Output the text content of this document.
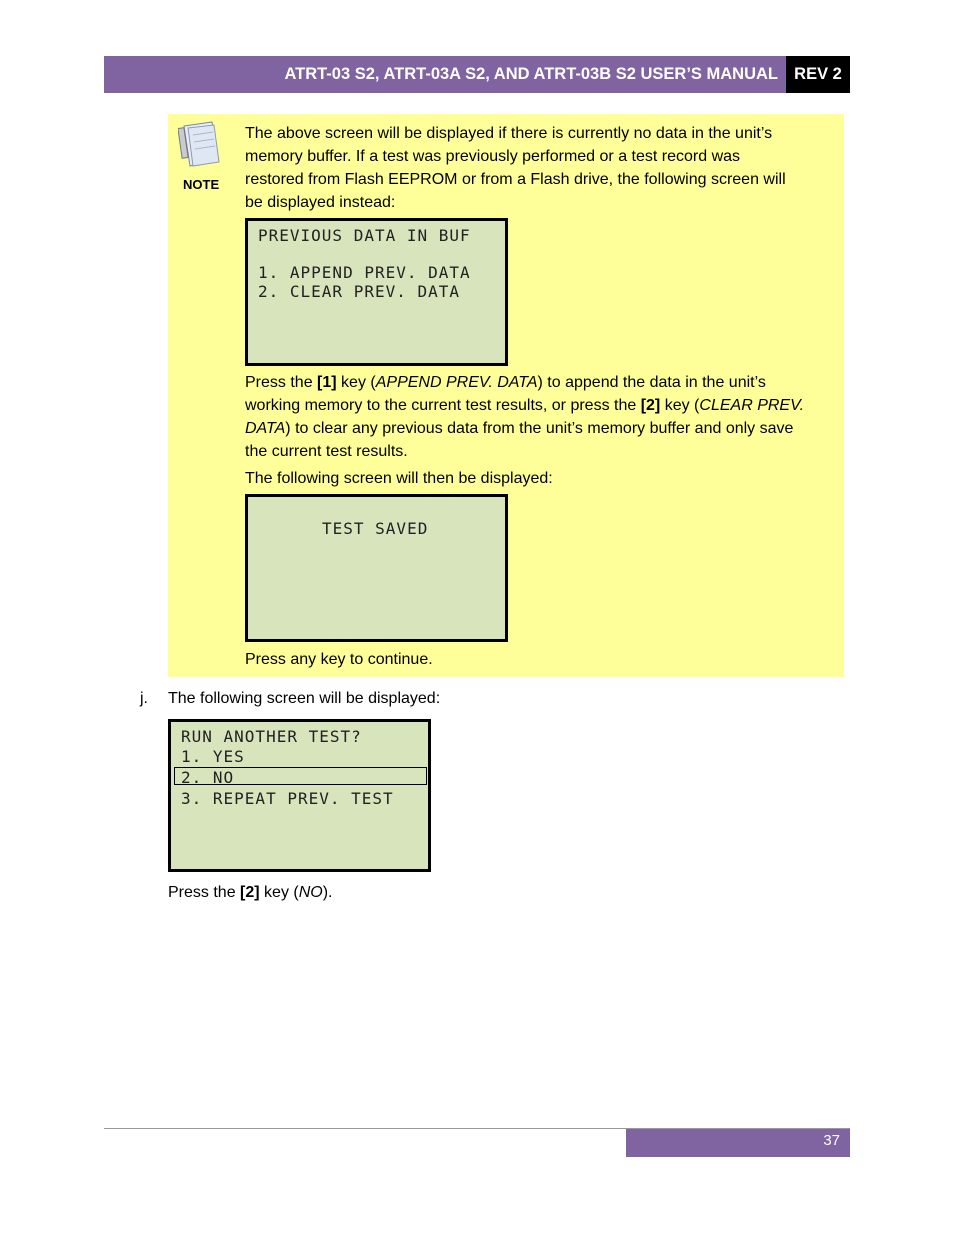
ATRT-03 S2, ATRT-03A S2, AND ATRT-03B S2 USER’S MANUAL REV 2
NOTE
The above screen will be displayed if there is currently no data in the unit’s
memory buffer. If a test was previously performed or a test record was
restored from Flash EEPROM or from a Flash drive, the following screen will
be displayed instead:
PREVIOUS DATA IN BUF
1. APPEND PREV. DATA
2. CLEAR PREV. DATA
Press the [1] key (APPEND PREV. DATA) to append the data in the unit’s
working memory to the current test results, or press the [2] key (CLEAR PREV.
DATA) to clear any previous data from the unit’s memory buffer and only save
the current test results.
The following screen will then be displayed:
TEST SAVED
Press any key to continue.
j. The following screen will be displayed:
RUN ANOTHER TEST?
1. YES
2. NO
3. REPEAT PREV. TEST
Press the [2] key (NO).
37
